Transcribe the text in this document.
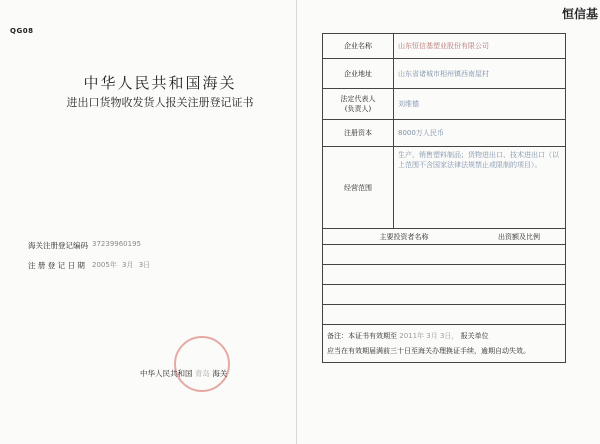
QG08
恒信基
中华人民共和国海关
进出口货物收发货人报关注册登记证书
海关注册登记编码 37239960195
注 册 登 记 日 期 2005年 3月 3日
中华人民共和国 青岛 海关
企业名称	山东恒信基塑业股份有限公司
企业地址	山东省诸城市相州镇西南屋村

法定代表人
(负责人)	刘维德
注册资本	8000万人民币
经营范围	生产、销售塑料制品；货物进出口、技术进出口（以上范围不含国家法律法规禁止或限制的项目）。
主要投资者名称 出资额及比例	

备注：本证书有效期至 2011年 3月 3日， 报关单位
应当在有效期届满前三十日至海关办理换证手续，逾期自动失效。	
